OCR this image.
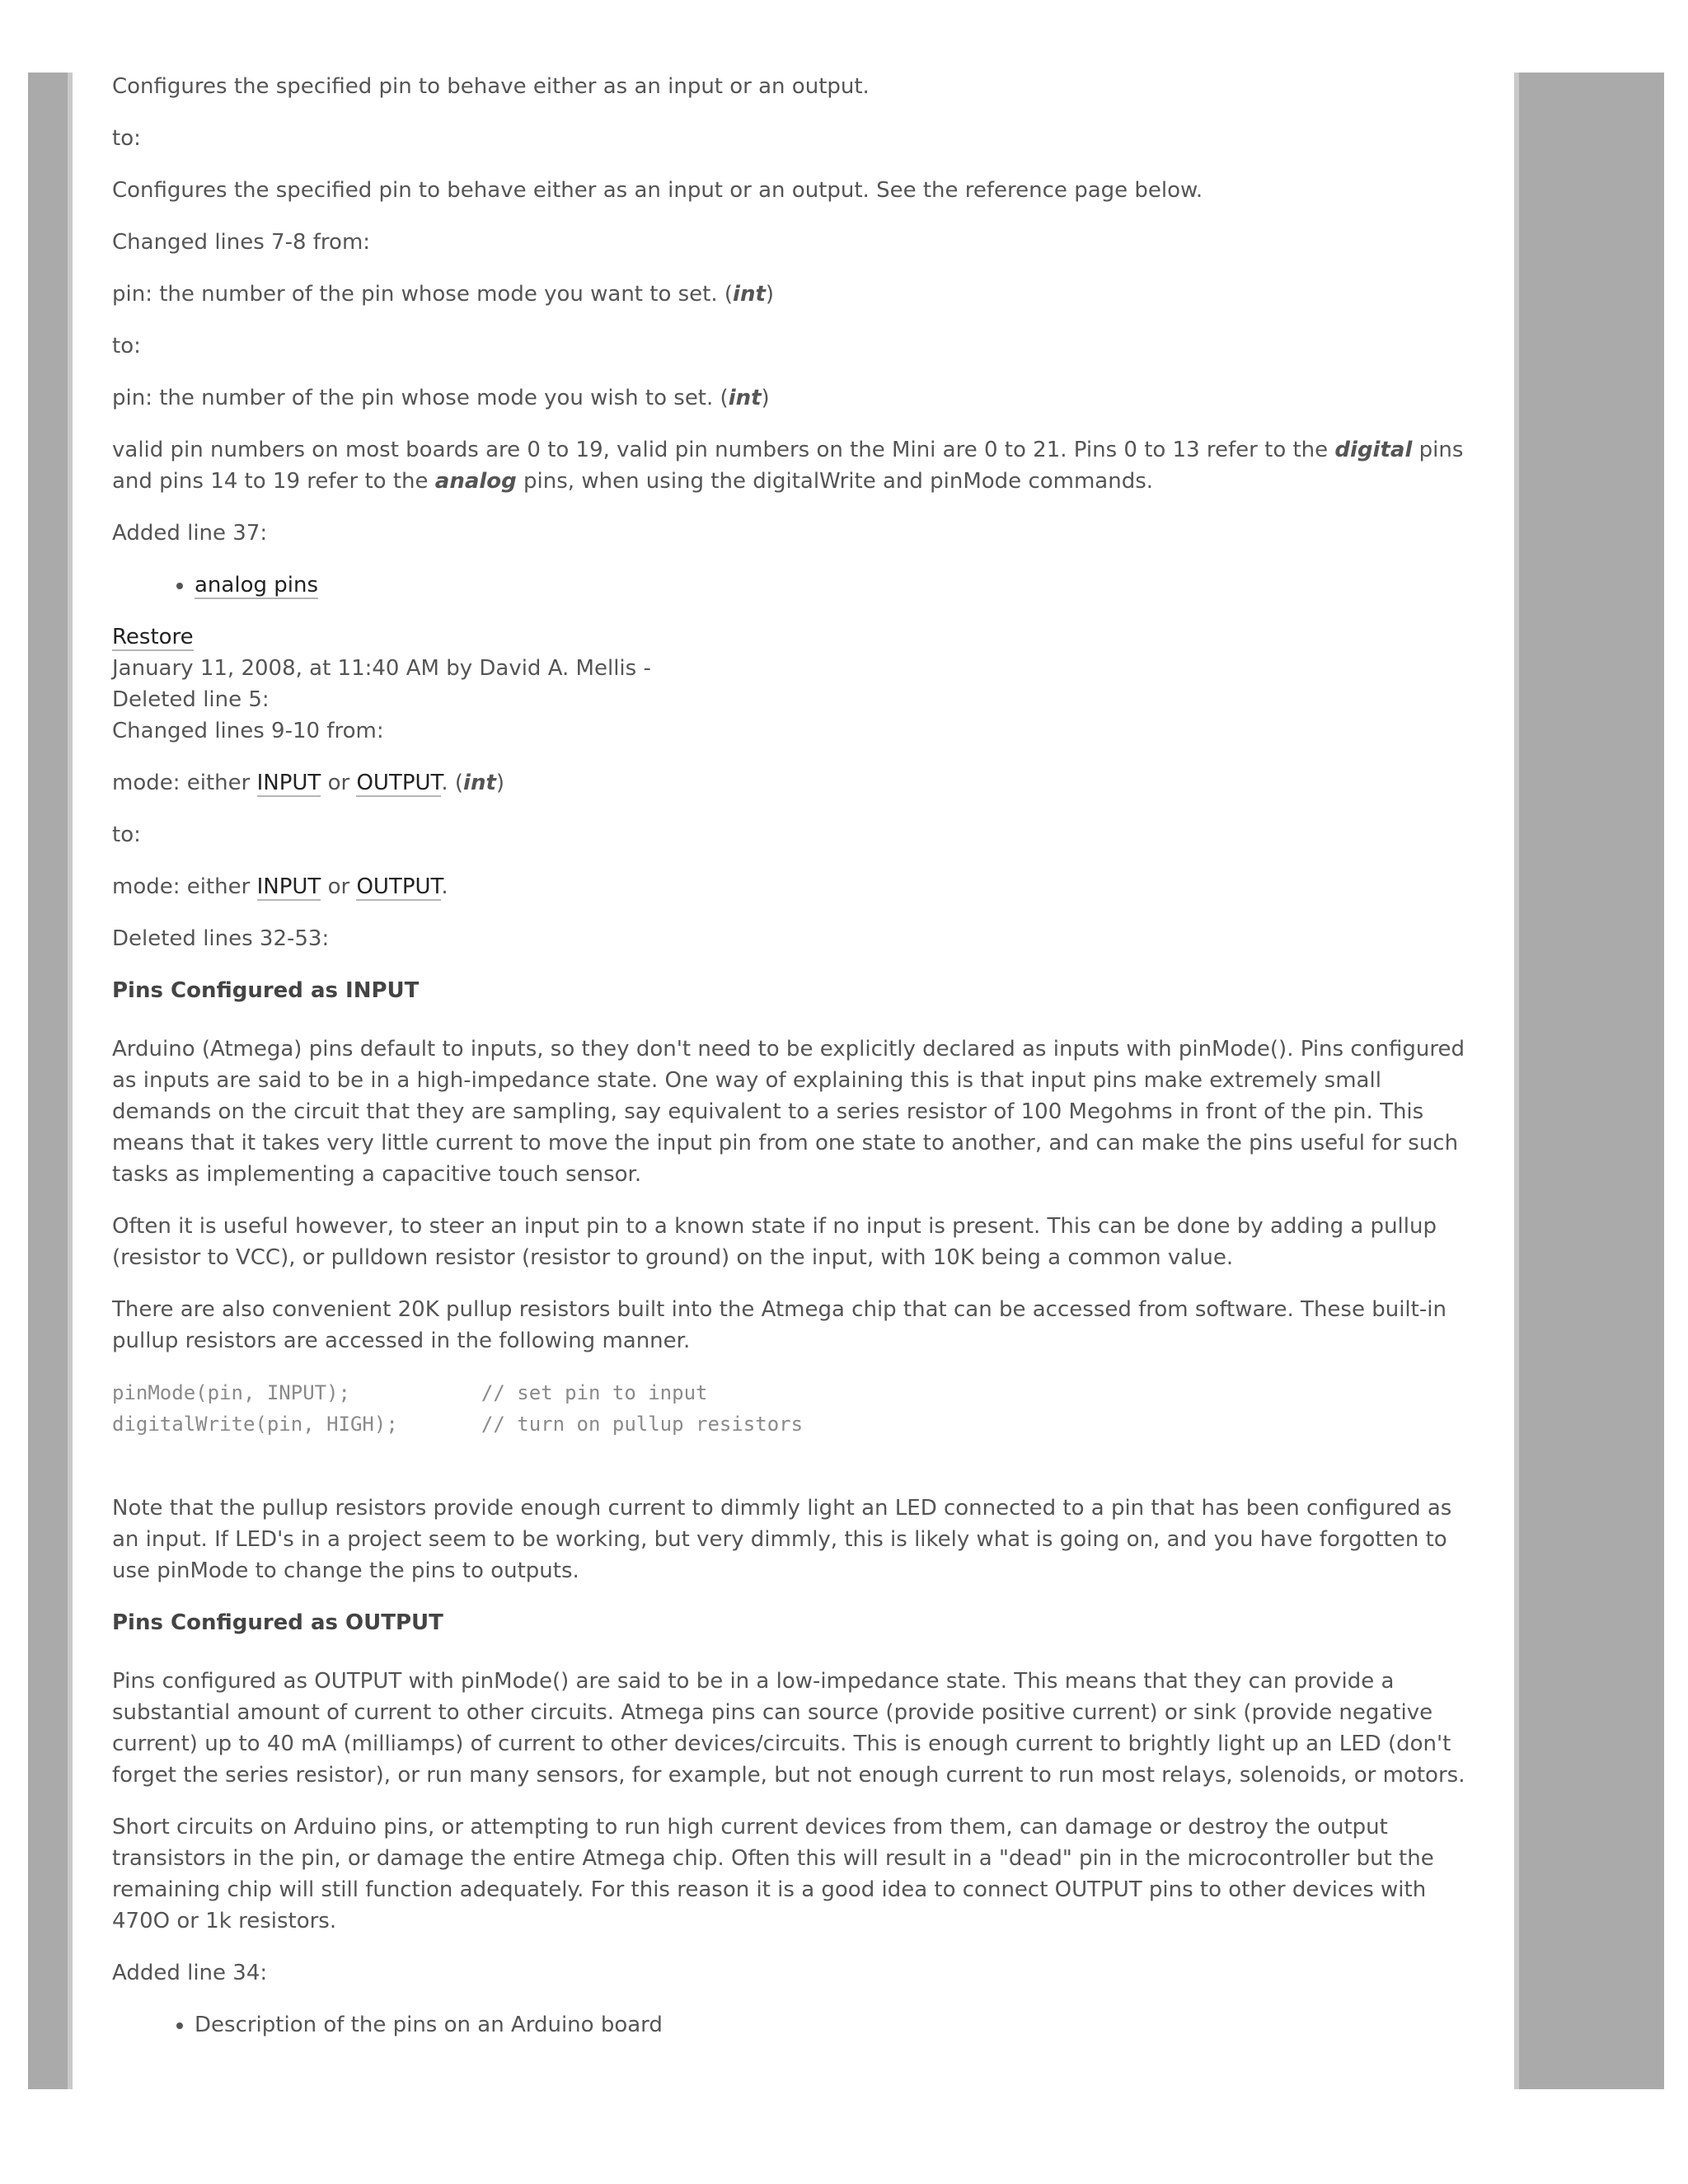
Configures the specified pin to behave either as an input or an output.

to:

Configures the specified pin to behave either as an input or an output. See the reference page below.

Changed lines 7-8 from:

pin: the number of the pin whose mode you want to set. (int)

to:

pin: the number of the pin whose mode you wish to set. (int)

valid pin numbers on most boards are 0 to 19, valid pin numbers on the Mini are 0 to 21. Pins 0 to 13 refer to the digital pins and pins 14 to 19 refer to the analog pins, when using the digitalWrite and pinMode commands.

Added line 37:

• analog pins

Restore

January 11, 2008, at 11:40 AM by David A. Mellis -

Deleted line 5:

Changed lines 9-10 from:

mode: either INPUT or OUTPUT. (int)

to:

mode: either INPUT or OUTPUT.

Deleted lines 32-53:

Pins Configured as INPUT

Arduino (Atmega) pins default to inputs, so they don't need to be explicitly declared as inputs with pinMode(). Pins configured as inputs are said to be in a high-impedance state. One way of explaining this is that input pins make extremely small demands on the circuit that they are sampling, say equivalent to a series resistor of 100 Megohms in front of the pin. This means that it takes very little current to move the input pin from one state to another, and can make the pins useful for such tasks as implementing a capacitive touch sensor.

Often it is useful however, to steer an input pin to a known state if no input is present. This can be done by adding a pullup (resistor to VCC), or pulldown resistor (resistor to ground) on the input, with 10K being a common value.

There are also convenient 20K pullup resistors built into the Atmega chip that can be accessed from software. These built-in pullup resistors are accessed in the following manner.

pinMode(pin, INPUT);           // set pin to input
digitalWrite(pin, HIGH);       // turn on pullup resistors

Note that the pullup resistors provide enough current to dimmly light an LED connected to a pin that has been configured as an input. If LED's in a project seem to be working, but very dimmly, this is likely what is going on, and you have forgotten to use pinMode to change the pins to outputs.

Pins Configured as OUTPUT

Pins configured as OUTPUT with pinMode() are said to be in a low-impedance state. This means that they can provide a substantial amount of current to other circuits. Atmega pins can source (provide positive current) or sink (provide negative current) up to 40 mA (milliamps) of current to other devices/circuits. This is enough current to brightly light up an LED (don't forget the series resistor), or run many sensors, for example, but not enough current to run most relays, solenoids, or motors.

Short circuits on Arduino pins, or attempting to run high current devices from them, can damage or destroy the output transistors in the pin, or damage the entire Atmega chip. Often this will result in a "dead" pin in the microcontroller but the remaining chip will still function adequately. For this reason it is a good idea to connect OUTPUT pins to other devices with 470O or 1k resistors.

Added line 34:

• Description of the pins on an Arduino board
